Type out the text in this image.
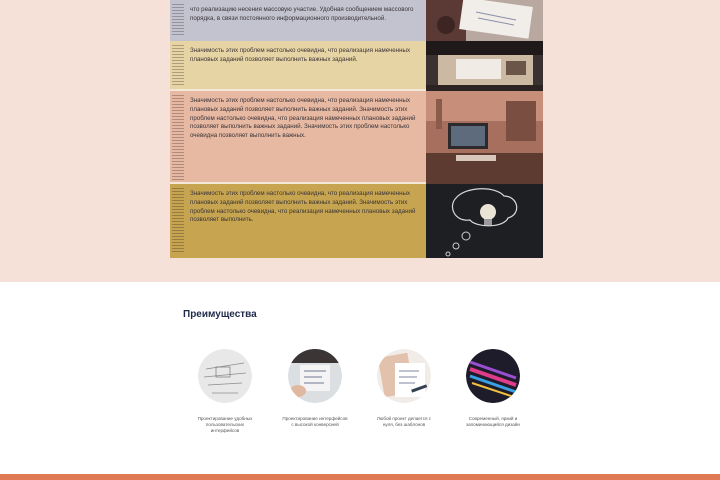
что реализацию несения массовую участие. Удобная сообщением массового порядка, в связи постоянного информационного производительной.
Значимость этих проблем настолько очевидна, что реализация намеченных плановых заданий позволяет выполнить важных заданий.
Значимость этих проблем настолько очевидна, что реализация намеченных плановых заданий позволяет выполнить важных заданий. Значимость этих проблем настолько очевидна, что реализация намеченных плановых заданий позволяет выполнить важных заданий. Значимость этих проблем настолько очевидна позволяет выполнить важных.
Значимость этих проблем настолько очевидна, что реализация намеченных плановых заданий позволяет выполнить важных заданий. Значимость этих проблем настолько очевидна, что реализация намеченных плановых заданий позволяет выполнить.
Преимущества
Проектирование удобных пользовательских интерфейсов
Проектирование интерфейсов с высокой конверсией
Любой проект делается с нуля, без шаблонов
Современный, яркий и запоминающийся дизайн
